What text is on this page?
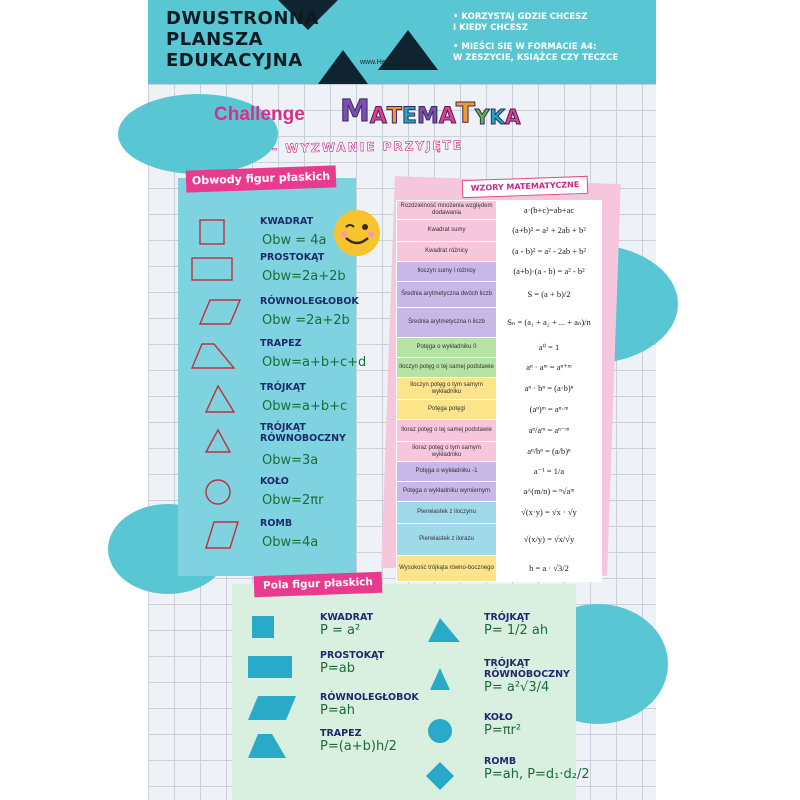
DWUSTRONNA
PLANSZA
EDUKACYJNA	www.Henry.net.pl
• KORZYSTAJ GDZIE CHCESZ
I KIEDY CHCESZ
• MIEŚCI SIĘ W FORMACIE A4:
W ZESZYCIE, KSIĄŻCE CZY TECZCE
Challenge M A T E M A T Y K A
- WYZWANIE PRZYJĘTE
Obwody figur płaskich
KWADRAT
Obw = 4a
PROSTOKĄT
Obw=2a+2b
RÓWNOLEGŁOBOK
Obw =2a+2b
TRAPEZ
Obw=a+b+c+d
TRÓJKĄT
Obw=a+b+c
TRÓJKĄT
RÓWNOBOCZNY
Obw=3a
KOŁO
Obw=2πr
ROMB
Obw=4a
WZORY MATEMATYCZNE
Rozdzielność mnożenia względem dodawania	a·(b+c)=ab+ac
Kwadrat sumy	(a+b)² = a² + 2ab + b²
Kwadrat różnicy	(a - b)² = a² - 2ab + b²
Iloczyn sumy i różnicy	(a+b)·(a - b) = a² - b²
Średnia arytmetyczna dwóch liczb	S = (a + b)/2
Średnia arytmetyczna n liczb	Sₙ = (a₁ + a₂ + ... + aₙ)/n
Potęga o wykładniku 0	a⁰ = 1
Iloczyn potęg o tej samej podstawie	aⁿ · aᵐ = aⁿ⁺ᵐ
Iloczyn potęg o tym samym wykładniku	aⁿ · bⁿ = (a·b)ⁿ
Potęga potęgi	(aⁿ)ᵐ = aⁿ·ᵐ
Iloraz potęg o tej samej podstawie	aⁿ/aᵐ = aⁿ⁻ᵐ
Iloraz potęg o tym samym wykładniku	aⁿ/bⁿ = (a/b)ⁿ
Potęga o wykładniku -1	a⁻¹ = 1/a
Potęga o wykładniku wymiernym	a^(m/n) = ⁿ√aᵐ
Pierwiastek z iloczynu	√(x·y) = √x · √y
Pierwiastek z ilorazu	√(x/y) = √x/√y
Wysokość trójkąta równo-bocznego	h = a · √3/2
Pola figur płaskich
KWADRAT
P = a²
PROSTOKĄT
P=ab
RÓWNOLEGŁOBOK
P=ah
TRAPEZ
P=(a+b)h/2
TRÓJKĄT
P= 1/2 ah
TRÓJKĄT
RÓWNOBOCZNY
P= a²√3/4
KOŁO
P=πr²
ROMB
P=ah, P=d₁·d₂/2
